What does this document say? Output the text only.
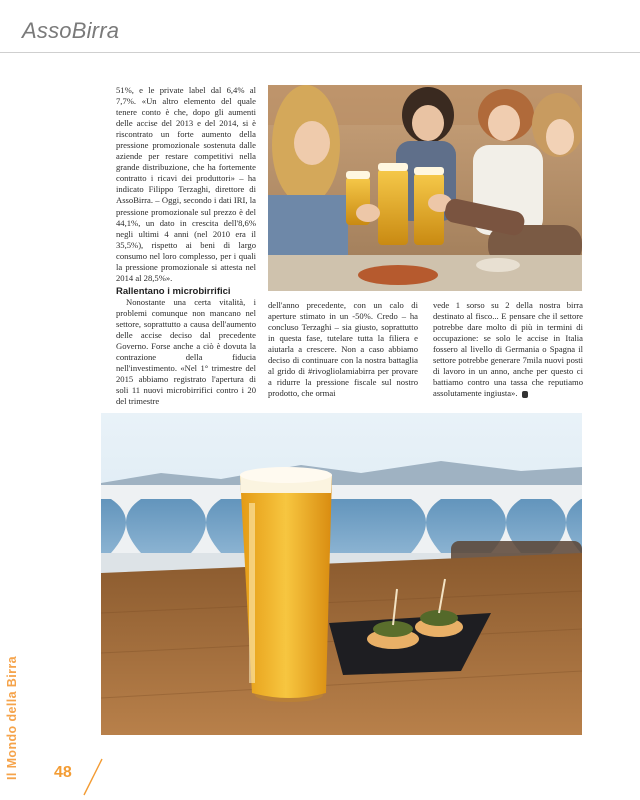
AssoBirra

51%, e le private label dal 6,4% al 7,7%. «Un altro elemento del quale tenere conto è che, dopo gli aumenti delle accise del 2013 e del 2014, si è riscontrato un forte aumento della pressione promozionale sostenuta dalle aziende per restare competitivi nella grande distribuzione, che ha fortemente contratto i ricavi dei produttori» – ha indicato Filippo Terzaghi, direttore di AssoBirra. – Oggi, secondo i dati IRI, la pressione promozionale sul prezzo è del 44,1%, un dato in crescita dell'8,6% negli ultimi 4 anni (nel 2010 era il 35,5%), rispetto ai beni di largo consumo nel loro complesso, per i quali la pressione promozionale si attesta nel 2014 al 28,5%».

Rallentano i microbirrifici

Nonostante una certa vitalità, i problemi comunque non mancano nel settore, soprattutto a causa dell'aumento delle accise deciso dal precedente Governo. Forse anche a ciò è dovuta la contrazione della fiducia nell'investimento. «Nel 1° trimestre del 2015 abbiamo registrato l'apertura di soli 11 nuovi microbirrifici contro i 20 del trimestre

dell'anno precedente, con un calo di aperture stimato in un -50%. Credo – ha concluso Terzaghi – sia giusto, soprattutto in questa fase, tutelare tutta la filiera e aiutarla a crescere. Non a caso abbiamo deciso di continuare con la nostra battaglia al grido di #rivogliolamiabirra per provare a ridurre la pressione fiscale sul nostro prodotto, che ormai

vede 1 sorso su 2 della nostra birra destinato al fisco... E pensare che il settore potrebbe dare molto di più in termini di occupazione: se solo le accise in Italia fossero al livello di Germania o Spagna il settore potrebbe generare 7mila nuovi posti di lavoro in un anno, anche per questo ci battiamo contro una tassa che reputiamo assolutamente ingiusta».

Il Mondo della Birra 48
